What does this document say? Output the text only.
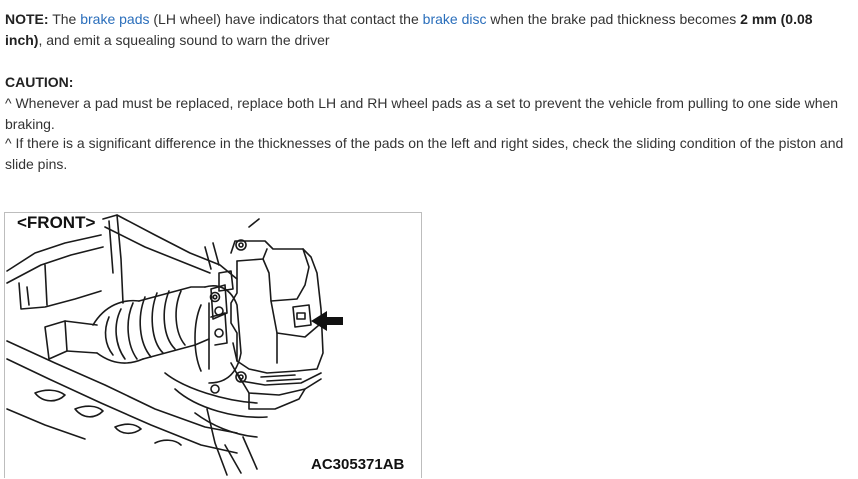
NOTE: The brake pads (LH wheel) have indicators that contact the brake disc when the brake pad thickness becomes 2 mm (0.08 inch), and emit a squealing sound to warn the driver

CAUTION:

^ Whenever a pad must be replaced, replace both LH and RH wheel pads as a set to prevent the vehicle from pulling to one side when braking.

^ If there is a significant difference in the thicknesses of the pads on the left and right sides, check the sliding condition of the piston and slide pins.

<FRONT>
AC305371AB
